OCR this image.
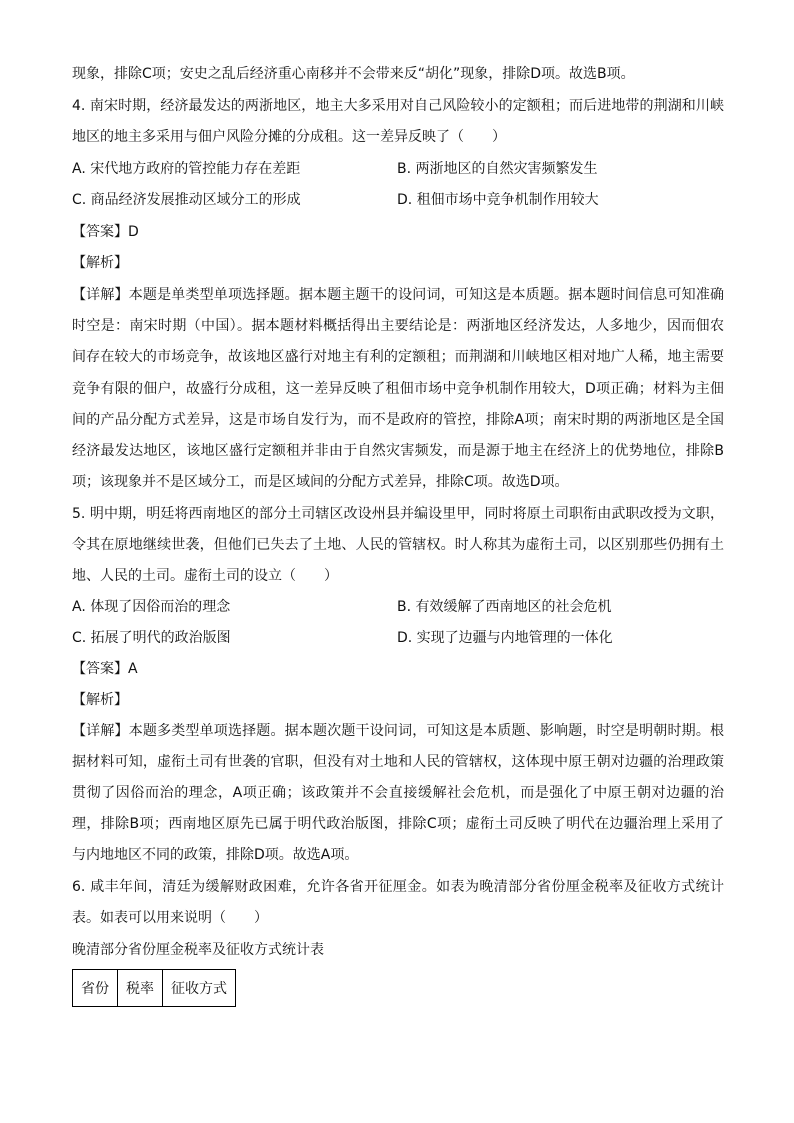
现象，排除C项；安史之乱后经济重心南移并不会带来反“胡化”现象，排除D项。故选B项。
4. 南宋时期，经济最发达的两浙地区，地主大多采用对自己风险较小的定额租；而后进地带的荆湖和川峡
地区的地主多采用与佃户风险分摊的分成租。这一差异反映了（　　）
A. 宋代地方政府的管控能力存在差距	B. 两浙地区的自然灾害频繁发生
C. 商品经济发展推动区域分工的形成	D. 租佃市场中竞争机制作用较大
【答案】D
【解析】
【详解】本题是单类型单项选择题。据本题主题干的设问词，可知这是本质题。据本题时间信息可知准确
时空是：南宋时期（中国）。据本题材料概括得出主要结论是：两浙地区经济发达，人多地少，因而佃农
间存在较大的市场竞争，故该地区盛行对地主有利的定额租；而荆湖和川峡地区相对地广人稀，地主需要
竞争有限的佃户，故盛行分成租，这一差异反映了租佃市场中竞争机制作用较大，D项正确；材料为主佃
间的产品分配方式差异，这是市场自发行为，而不是政府的管控，排除A项；南宋时期的两浙地区是全国
经济最发达地区，该地区盛行定额租并非由于自然灾害频发，而是源于地主在经济上的优势地位，排除B
项；该现象并不是区域分工，而是区域间的分配方式差异，排除C项。故选D项。
5. 明中期，明廷将西南地区的部分土司辖区改设州县并编设里甲，同时将原土司职衔由武职改授为文职，
令其在原地继续世袭，但他们已失去了土地、人民的管辖权。时人称其为虚衔土司，以区别那些仍拥有土
地、人民的土司。虚衔土司的设立（　　）
A. 体现了因俗而治的理念	B. 有效缓解了西南地区的社会危机
C. 拓展了明代的政治版图	D. 实现了边疆与内地管理的一体化
【答案】A
【解析】
【详解】本题多类型单项选择题。据本题次题干设问词，可知这是本质题、影响题，时空是明朝时期。根
据材料可知，虚衔土司有世袭的官职，但没有对土地和人民的管辖权，这体现中原王朝对边疆的治理政策
贯彻了因俗而治的理念，A项正确；该政策并不会直接缓解社会危机，而是强化了中原王朝对边疆的治
理，排除B项；西南地区原先已属于明代政治版图，排除C项；虚衔土司反映了明代在边疆治理上采用了
与内地地区不同的政策，排除D项。故选A项。
6. 咸丰年间，清廷为缓解财政困难，允许各省开征厘金。如表为晚清部分省份厘金税率及征收方式统计
表。如表可以用来说明（　　）
晚清部分省份厘金税率及征收方式统计表
省份	税率	征收方式
